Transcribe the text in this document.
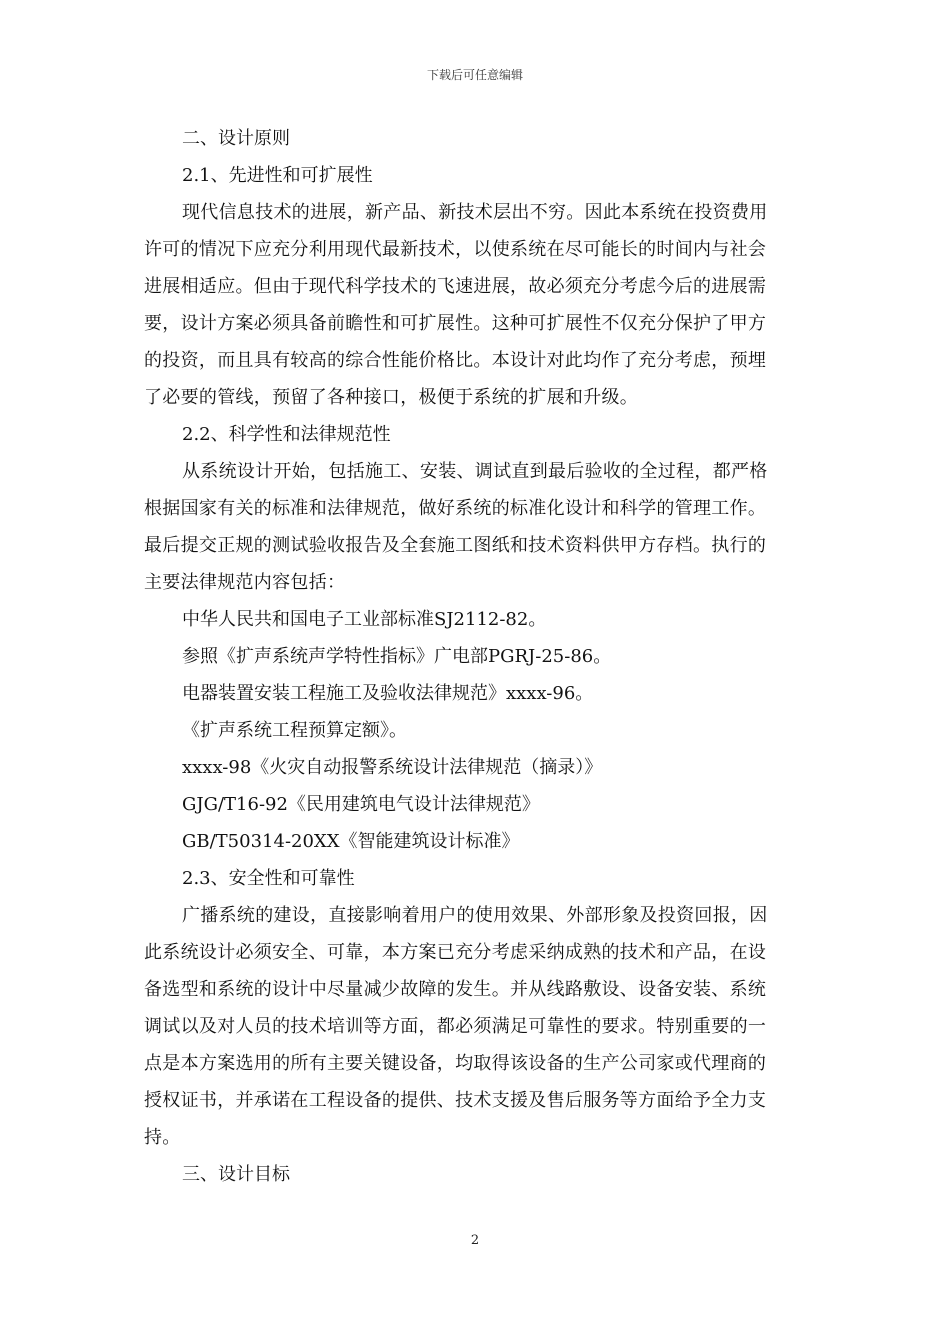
下载后可任意编辑
二、设计原则
2.1、先进性和可扩展性
现代信息技术的进展，新产品、新技术层出不穷。因此本系统在投资费用
许可的情况下应充分利用现代最新技术，以使系统在尽可能长的时间内与社会
进展相适应。但由于现代科学技术的飞速进展，故必须充分考虑今后的进展需
要，设计方案必须具备前瞻性和可扩展性。这种可扩展性不仅充分保护了甲方
的投资，而且具有较高的综合性能价格比。本设计对此均作了充分考虑，预埋
了必要的管线，预留了各种接口，极便于系统的扩展和升级。
2.2、科学性和法律规范性
从系统设计开始，包括施工、安装、调试直到最后验收的全过程，都严格
根据国家有关的标准和法律规范，做好系统的标准化设计和科学的管理工作。
最后提交正规的测试验收报告及全套施工图纸和技术资料供甲方存档。执行的
主要法律规范内容包括：
中华人民共和国电子工业部标准SJ2112-82。
参照《扩声系统声学特性指标》广电部PGRJ-25-86。
电器装置安装工程施工及验收法律规范》xxxx-96。
《扩声系统工程预算定额》。
xxxx-98《火灾自动报警系统设计法律规范（摘录）》
GJG/T16-92《民用建筑电气设计法律规范》
GB/T50314-20XX《智能建筑设计标准》
2.3、安全性和可靠性
广播系统的建设，直接影响着用户的使用效果、外部形象及投资回报，因
此系统设计必须安全、可靠，本方案已充分考虑采纳成熟的技术和产品，在设
备选型和系统的设计中尽量减少故障的发生。并从线路敷设、设备安装、系统
调试以及对人员的技术培训等方面，都必须满足可靠性的要求。特别重要的一
点是本方案选用的所有主要关键设备，均取得该设备的生产公司家或代理商的
授权证书，并承诺在工程设备的提供、技术支援及售后服务等方面给予全力支
持。
三、设计目标
2
